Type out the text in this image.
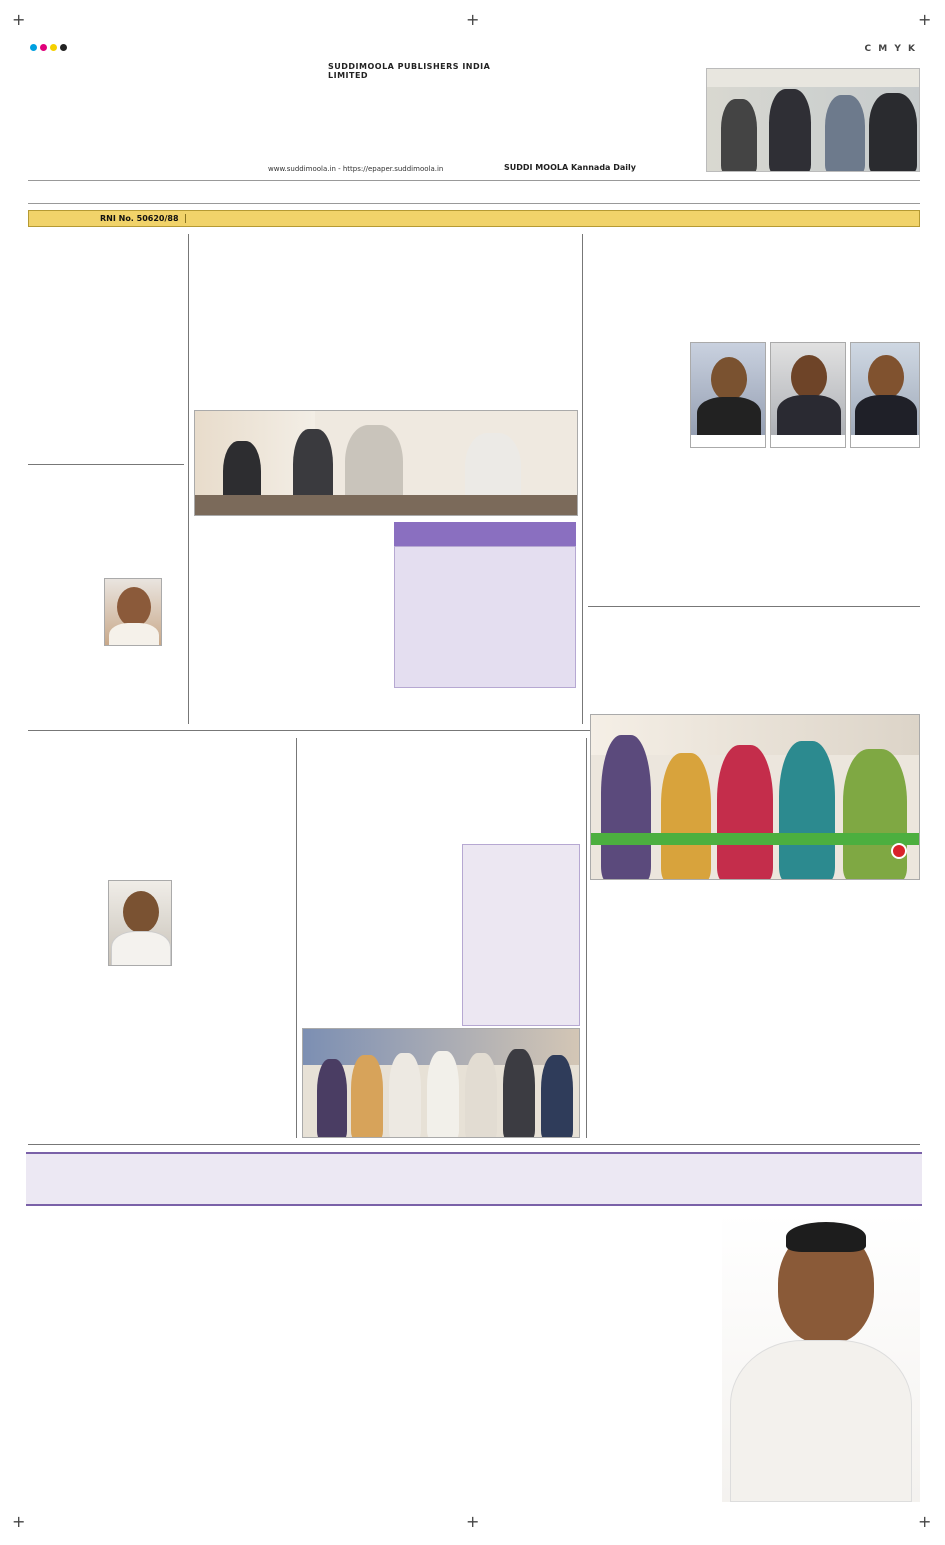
+	+	+
+	+	+
C M Y K
SUDDIMOOLA PUBLISHERS INDIA LIMITED
www.suddimoola.in - https://epaper.suddimoola.in	SUDDI MOOLA Kannada Daily
RNI No. 50620/88
